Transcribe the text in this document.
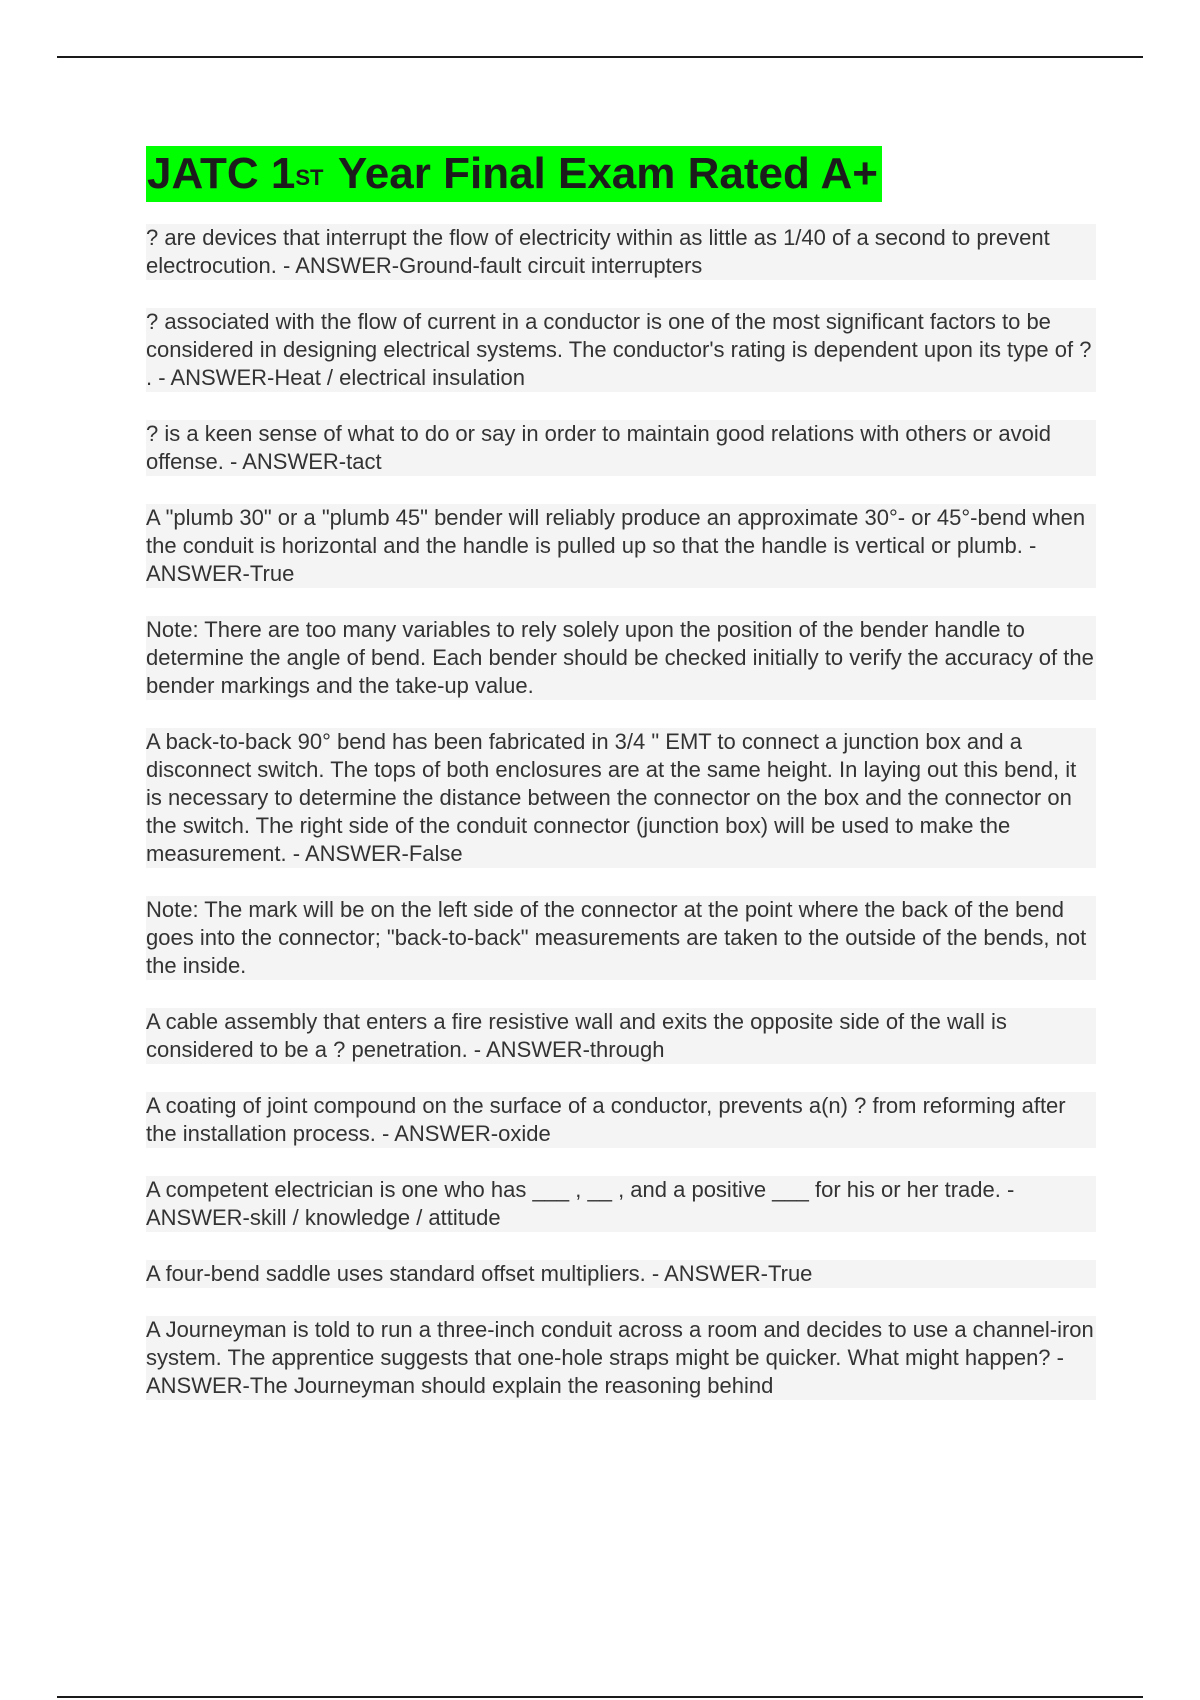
JATC 1ST Year Final Exam Rated A+

? are devices that interrupt the flow of electricity within as little as 1/40 of a second to prevent electrocution. - ANSWER-Ground-fault circuit interrupters

? associated with the flow of current in a conductor is one of the most significant factors to be considered in designing electrical systems. The conductor's rating is dependent upon its type of ? . - ANSWER-Heat / electrical insulation

? is a keen sense of what to do or say in order to maintain good relations with others or avoid offense. - ANSWER-tact

A "plumb 30" or a "plumb 45" bender will reliably produce an approximate 30°- or 45°-bend when the conduit is horizontal and the handle is pulled up so that the handle is vertical or plumb. - ANSWER-True

Note: There are too many variables to rely solely upon the position of the bender handle to determine the angle of bend. Each bender should be checked initially to verify the accuracy of the bender markings and the take-up value.

A back-to-back 90° bend has been fabricated in 3/4 " EMT to connect a junction box and a disconnect switch. The tops of both enclosures are at the same height. In laying out this bend, it is necessary to determine the distance between the connector on the box and the connector on the switch. The right side of the conduit connector (junction box) will be used to make the measurement. - ANSWER-False

Note: The mark will be on the left side of the connector at the point where the back of the bend goes into the connector; "back-to-back" measurements are taken to the outside of the bends, not the inside.

A cable assembly that enters a fire resistive wall and exits the opposite side of the wall is considered to be a ? penetration. - ANSWER-through

A coating of joint compound on the surface of a conductor, prevents a(n) ? from reforming after the installation process. - ANSWER-oxide

A competent electrician is one who has ___ , __ , and a positive ___ for his or her trade. - ANSWER-skill / knowledge / attitude

A four-bend saddle uses standard offset multipliers. - ANSWER-True

A Journeyman is told to run a three-inch conduit across a room and decides to use a channel-iron system. The apprentice suggests that one-hole straps might be quicker. What might happen? - ANSWER-The Journeyman should explain the reasoning behind
